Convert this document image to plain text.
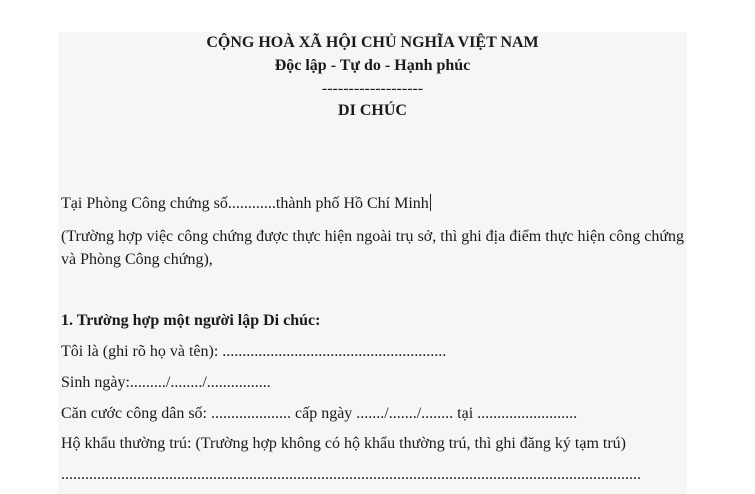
CỘNG HOÀ XÃ HỘI CHỦ NGHĨA VIỆT NAM
Độc lập - Tự do - Hạnh phúc
-------------------
DI CHÚC
Tại Phòng Công chứng số............thành phố Hồ Chí Minh
(Trường hợp việc công chứng được thực hiện ngoài trụ sở, thì ghi địa điểm thực hiện công chứng và Phòng Công chứng),
1. Trường hợp một người lập Di chúc:
Tôi là (ghi rõ họ và tên): ........................................................
Sinh ngày:........./......../................
Căn cước công dân số: .................... cấp ngày ......./......./........ tại .........................
Hộ khẩu thường trú: (Trường hợp không có hộ khẩu thường trú, thì ghi đăng ký tạm trú)
.................................................................................................................................................
